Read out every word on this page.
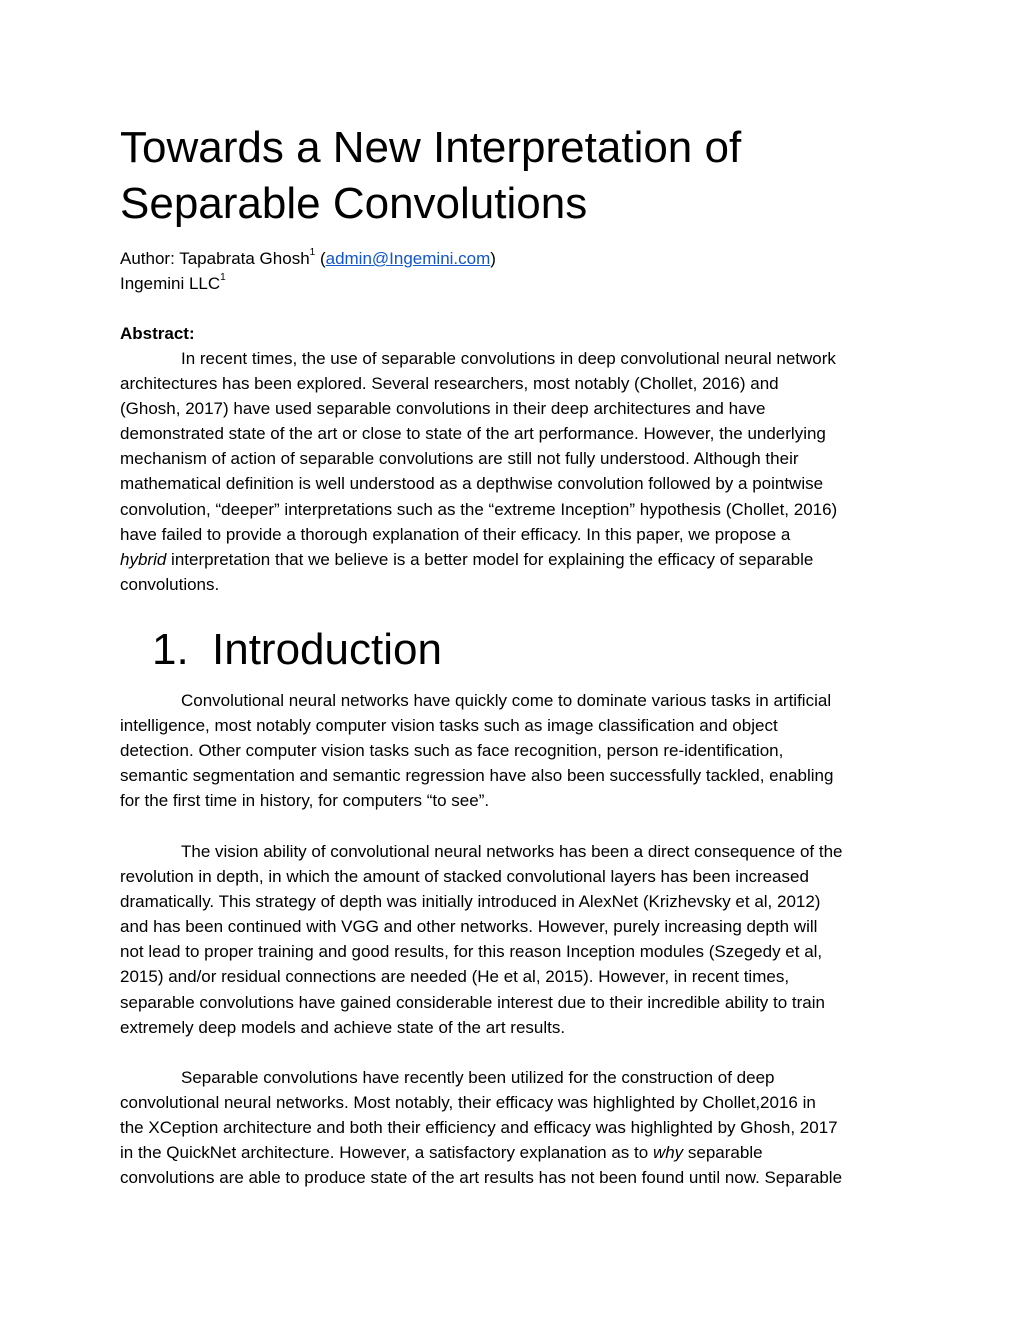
Towards a New Interpretation of
Separable Convolutions
Author: Tapabrata Ghosh$^1$ (admin@Ingemini.com)
Ingemini LLC$^1$
Abstract:
In recent times, the use of separable convolutions in deep convolutional neural network
architectures has been explored. Several researchers, most notably (Chollet, 2016) and
(Ghosh, 2017) have used separable convolutions in their deep architectures and have
demonstrated state of the art or close to state of the art performance. However, the underlying
mechanism of action of separable convolutions are still not fully understood. Although their
mathematical definition is well understood as a depthwise convolution followed by a pointwise
convolution, “deeper” interpretations such as the “extreme Inception” hypothesis (Chollet, 2016)
have failed to provide a thorough explanation of their efficacy. In this paper, we propose a
hybrid interpretation that we believe is a better model for explaining the efficacy of separable
convolutions.
1. Introduction
Convolutional neural networks have quickly come to dominate various tasks in artificial
intelligence, most notably computer vision tasks such as image classification and object
detection. Other computer vision tasks such as face recognition, person re-identification,
semantic segmentation and semantic regression have also been successfully tackled, enabling
for the first time in history, for computers “to see”.
The vision ability of convolutional neural networks has been a direct consequence of the
revolution in depth, in which the amount of stacked convolutional layers has been increased
dramatically. This strategy of depth was initially introduced in AlexNet (Krizhevsky et al, 2012)
and has been continued with VGG and other networks. However, purely increasing depth will
not lead to proper training and good results, for this reason Inception modules (Szegedy et al,
2015) and/or residual connections are needed (He et al, 2015). However, in recent times,
separable convolutions have gained considerable interest due to their incredible ability to train
extremely deep models and achieve state of the art results.
Separable convolutions have recently been utilized for the construction of deep
convolutional neural networks. Most notably, their efficacy was highlighted by Chollet,2016 in
the XCeption architecture and both their efficiency and efficacy was highlighted by Ghosh, 2017
in the QuickNet architecture. However, a satisfactory explanation as to why separable
convolutions are able to produce state of the art results has not been found until now. Separable
